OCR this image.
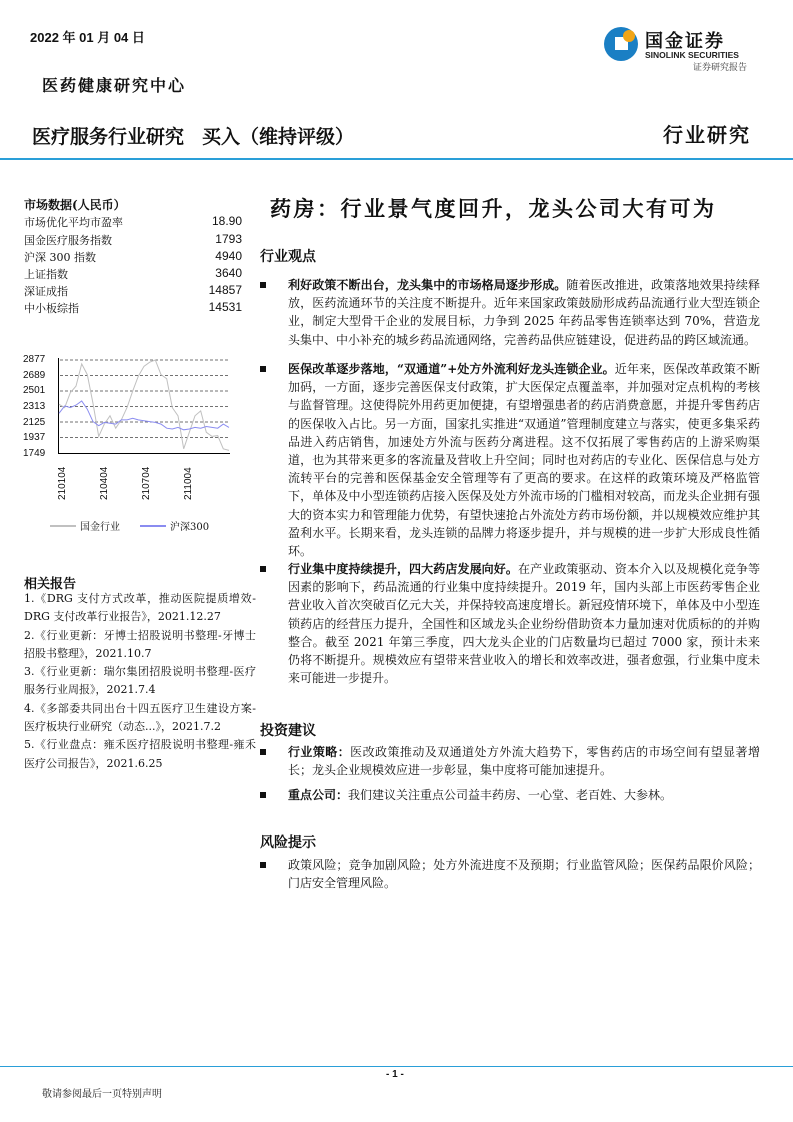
2022 年 01 月 04 日
医药健康研究中心
医疗服务行业研究 买入（维持评级）	行业研究
国金证券
SINOLINK SECURITIES
证券研究报告
市场数据(人民币）
市场优化平均市盈率	18.90
国金医疗服务指数	1793
沪深 300 指数	4940
上证指数	3640
深证成指	14857
中小板综指	14531
2877
2689
2501
2313
2125
1937
1749
210104	210404	210704	211004
国金行业	沪深300
相关报告
1.《DRG 支付方式改革，推动医院提质增效-DRG 支付改革行业报告》，2021.12.27
2.《行业更新：牙博士招股说明书整理-牙博士招股书整理》，2021.10.7
3.《行业更新：瑞尔集团招股说明书整理-医疗服务行业周报》，2021.7.4
4.《多部委共同出台十四五医疗卫生建设方案-医疗板块行业研究（动态...》，2021.7.2
5.《行业盘点：雍禾医疗招股说明书整理-雍禾医疗公司报告》，2021.6.25
药房：行业景气度回升，龙头公司大有可为
行业观点
利好政策不断出台，龙头集中的市场格局逐步形成。随着医改推进，政策落地效果持续释放，医药流通环节的关注度不断提升。近年来国家政策鼓励形成药品流通行业大型连锁企业，制定大型骨干企业的发展目标，力争到 2025 年药品零售连锁率达到 70%，营造龙头集中、中小补充的城乡药品流通网络，完善药品供应链建设，促进药品的跨区域流通。
医保改革逐步落地，“双通道”+处方外流利好龙头连锁企业。近年来，医保改革政策不断加码，一方面，逐步完善医保支付政策，扩大医保定点覆盖率，并加强对定点机构的考核与监督管理。这使得院外用药更加便捷，有望增强患者的药店消费意愿，并提升零售药店的医保收入占比。另一方面，国家扎实推进“双通道”管理制度建立与落实，使更多集采药品进入药店销售，加速处方外流与医药分离进程。这不仅拓展了零售药店的上游采购渠道，也为其带来更多的客流量及营收上升空间；同时也对药店的专业化、医保信息与处方流转平台的完善和医保基金安全管理等有了更高的要求。在这样的政策环境及严格监管下，单体及中小型连锁药店接入医保及处方外流市场的门槛相对较高，而龙头企业拥有强大的资本实力和管理能力优势，有望快速抢占外流处方药市场份额，并以规模效应维护其盈利水平。长期来看，龙头连锁的品牌力将逐步提升，并与规模的进一步扩大形成良性循环。
行业集中度持续提升，四大药店发展向好。在产业政策驱动、资本介入以及规模化竞争等因素的影响下，药品流通的行业集中度持续提升。2019 年，国内头部上市医药零售企业营业收入首次突破百亿元大关，并保持较高速度增长。新冠疫情环境下，单体及中小型连锁药店的经营压力提升，全国性和区域龙头企业纷纷借助资本力量加速对优质标的的并购整合。截至 2021 年第三季度，四大龙头企业的门店数量均已超过 7000 家，预计未来仍将不断提升。规模效应有望带来营业收入的增长和效率改进，强者愈强，行业集中度未来可能进一步提升。
投资建议
行业策略：医改政策推动及双通道处方外流大趋势下，零售药店的市场空间有望显著增长；龙头企业规模效应进一步彰显，集中度将可能加速提升。
重点公司：我们建议关注重点公司益丰药房、一心堂、老百姓、大参林。
风险提示
政策风险；竞争加剧风险；处方外流进度不及预期；行业监管风险；医保药品限价风险；门店安全管理风险。
- 1 -
敬请参阅最后一页特别声明
